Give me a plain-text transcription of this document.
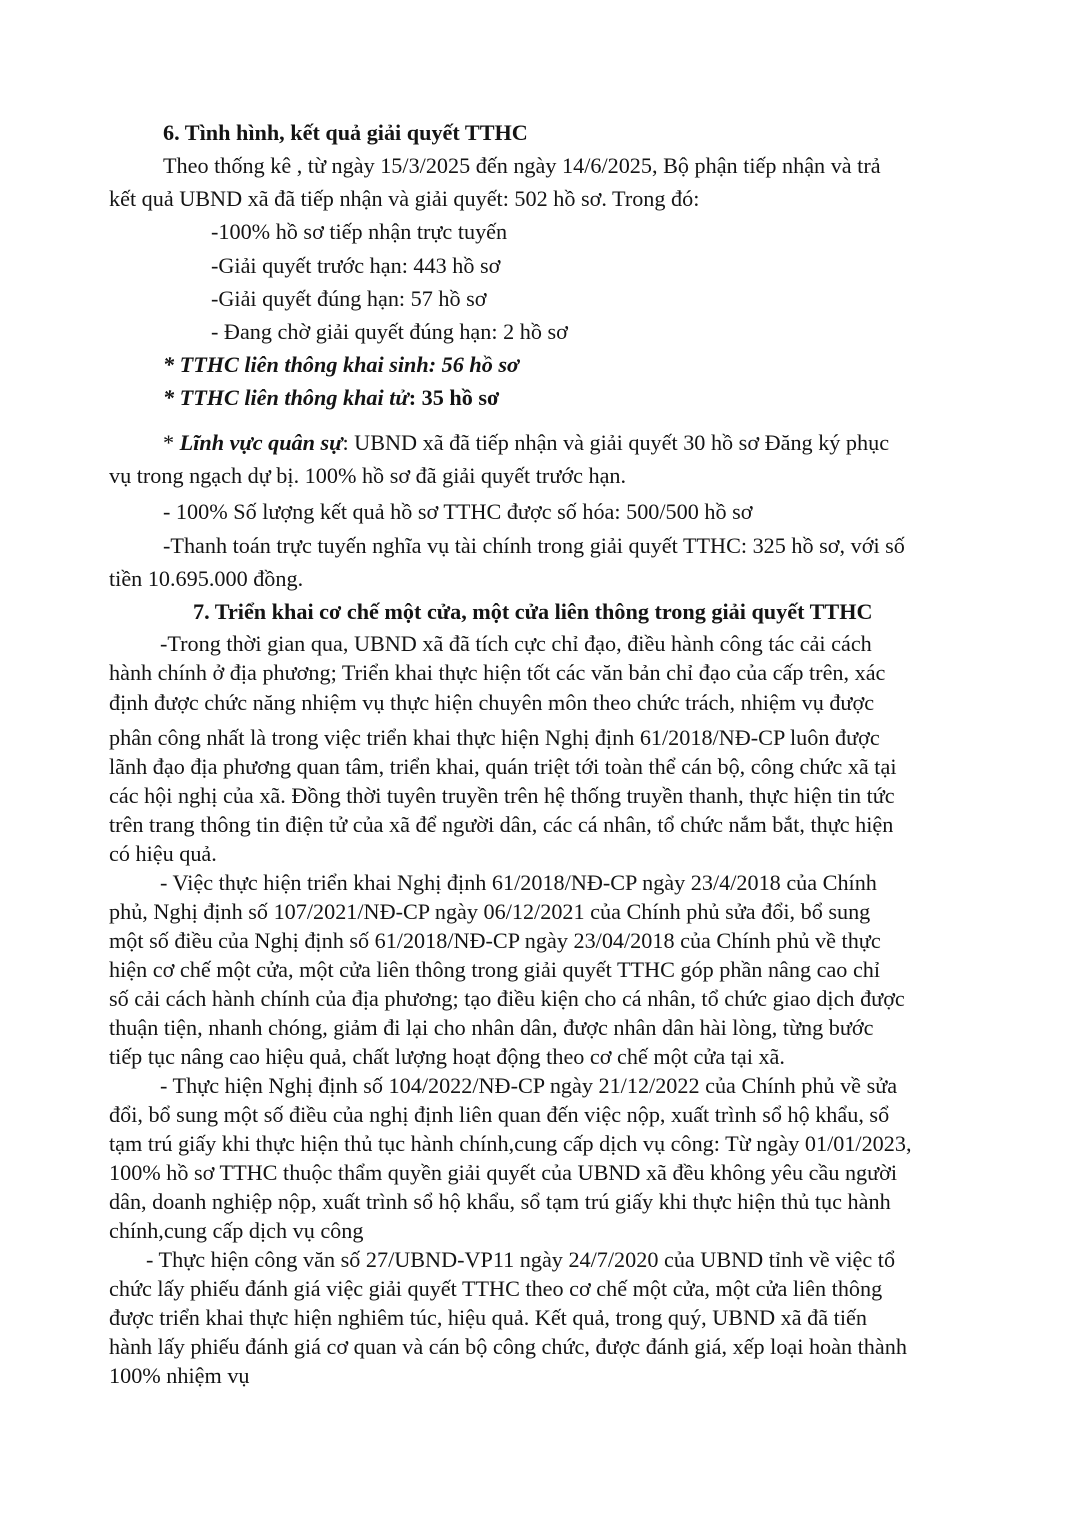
6. Tình hình, kết quả giải quyết TTHC
Theo thống kê , từ ngày 15/3/2025 đến ngày 14/6/2025, Bộ phận tiếp nhận và trả
kết quả UBND xã đã tiếp nhận và giải quyết: 502 hồ sơ. Trong đó:
-100% hồ sơ tiếp nhận trực tuyến
-Giải quyết trước hạn: 443 hồ sơ
-Giải quyết đúng hạn: 57 hồ sơ
- Đang chờ giải quyết đúng hạn: 2 hồ sơ
* TTHC liên thông khai sinh: 56 hồ sơ
* TTHC liên thông khai tử: 35 hồ sơ
* Lĩnh vực quân sự: UBND xã đã tiếp nhận và giải quyết 30 hồ sơ Đăng ký phục
vụ trong ngạch dự bị. 100% hồ sơ đã giải quyết trước hạn.
- 100% Số lượng kết quả hồ sơ TTHC được số hóa: 500/500 hồ sơ
-Thanh toán trực tuyến nghĩa vụ tài chính trong giải quyết TTHC: 325 hồ sơ, với số
tiền 10.695.000 đồng.
7. Triển khai cơ chế một cửa, một cửa liên thông trong giải quyết TTHC
-Trong thời gian qua, UBND xã đã tích cực chỉ đạo, điều hành công tác cải cách
hành chính ở địa phương; Triển khai thực hiện tốt các văn bản chỉ đạo của cấp trên, xác
định được chức năng nhiệm vụ thực hiện chuyên môn theo chức trách, nhiệm vụ được
phân công nhất là trong việc triển khai thực hiện Nghị định 61/2018/NĐ-CP luôn được
lãnh đạo địa phương quan tâm, triển khai, quán triệt tới toàn thể cán bộ, công chức xã tại
các hội nghị của xã. Đồng thời tuyên truyền trên hệ thống truyền thanh, thực hiện tin tức
trên trang thông tin điện tử của xã để người dân, các cá nhân, tổ chức nắm bắt, thực hiện
có hiệu quả.
- Việc thực hiện triển khai Nghị định 61/2018/NĐ-CP ngày 23/4/2018 của Chính
phủ, Nghị định số 107/2021/NĐ-CP ngày 06/12/2021 của Chính phủ sửa đổi, bổ sung
một số điều của Nghị định số 61/2018/NĐ-CP ngày 23/04/2018 của Chính phủ về thực
hiện cơ chế một cửa, một cửa liên thông trong giải quyết TTHC góp phần nâng cao chỉ
số cải cách hành chính của địa phương; tạo điều kiện cho cá nhân, tổ chức giao dịch được
thuận tiện, nhanh chóng, giảm đi lại cho nhân dân, được nhân dân hài lòng, từng bước
tiếp tục nâng cao hiệu quả, chất lượng hoạt động theo cơ chế một cửa tại xã.
- Thực hiện Nghị định số 104/2022/NĐ-CP ngày 21/12/2022 của Chính phủ về sửa
đổi, bổ sung một số điều của nghị định liên quan đến việc nộp, xuất trình sổ hộ khẩu, sổ
tạm trú giấy khi thực hiện thủ tục hành chính,cung cấp dịch vụ công: Từ ngày 01/01/2023,
100% hồ sơ TTHC thuộc thẩm quyền giải quyết của UBND xã đều không yêu cầu người
dân, doanh nghiệp nộp, xuất trình sổ hộ khẩu, sổ tạm trú giấy khi thực hiện thủ tục hành
chính,cung cấp dịch vụ công
- Thực hiện công văn số 27/UBND-VP11 ngày 24/7/2020 của UBND tỉnh về việc tổ
chức lấy phiếu đánh giá việc giải quyết TTHC theo cơ chế một cửa, một cửa liên thông
được triển khai thực hiện nghiêm túc, hiệu quả. Kết quả, trong quý, UBND xã đã tiến
hành lấy phiếu đánh giá cơ quan và cán bộ công chức, được đánh giá, xếp loại hoàn thành
100% nhiệm vụ
